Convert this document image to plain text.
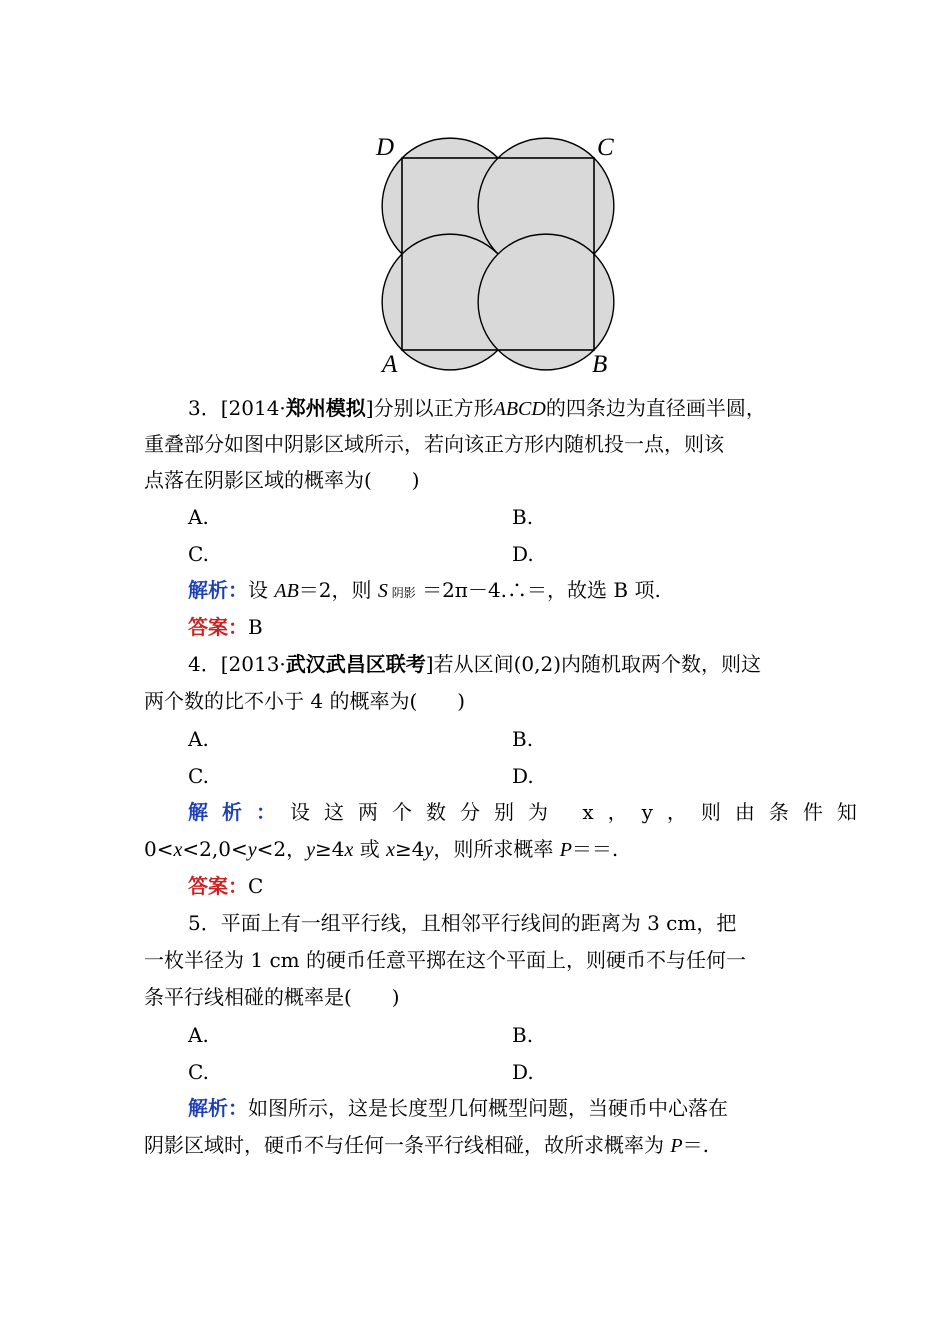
D	C
A	B
3．[2014·郑州模拟]分别以正方形ABCD的四条边为直径画半圆，
重叠部分如图中阴影区域所示，若向该正方形内随机投一点，则该
点落在阴影区域的概率为(　　)
A.	B.
C.	D.
解析：设 AB＝2，则 S 阴影 ＝2π－4.∴＝，故选 B 项.
答案：B
4．[2013·武汉武昌区联考]若从区间(0,2)内随机取两个数，则这
两个数的比不小于 4 的概率为(　　)
A.	B.
C.	D.
解析：设这两个数分别为 x，y，则由条件知
0<x<2,0<y<2，y≥4x 或 x≥4y，则所求概率 P＝＝.
答案：C
5．平面上有一组平行线，且相邻平行线间的距离为 3 cm，把
一枚半径为 1 cm 的硬币任意平掷在这个平面上，则硬币不与任何一
条平行线相碰的概率是(　　)
A.	B.
C.	D.
解析：如图所示，这是长度型几何概型问题，当硬币中心落在
阴影区域时，硬币不与任何一条平行线相碰，故所求概率为 P＝.
